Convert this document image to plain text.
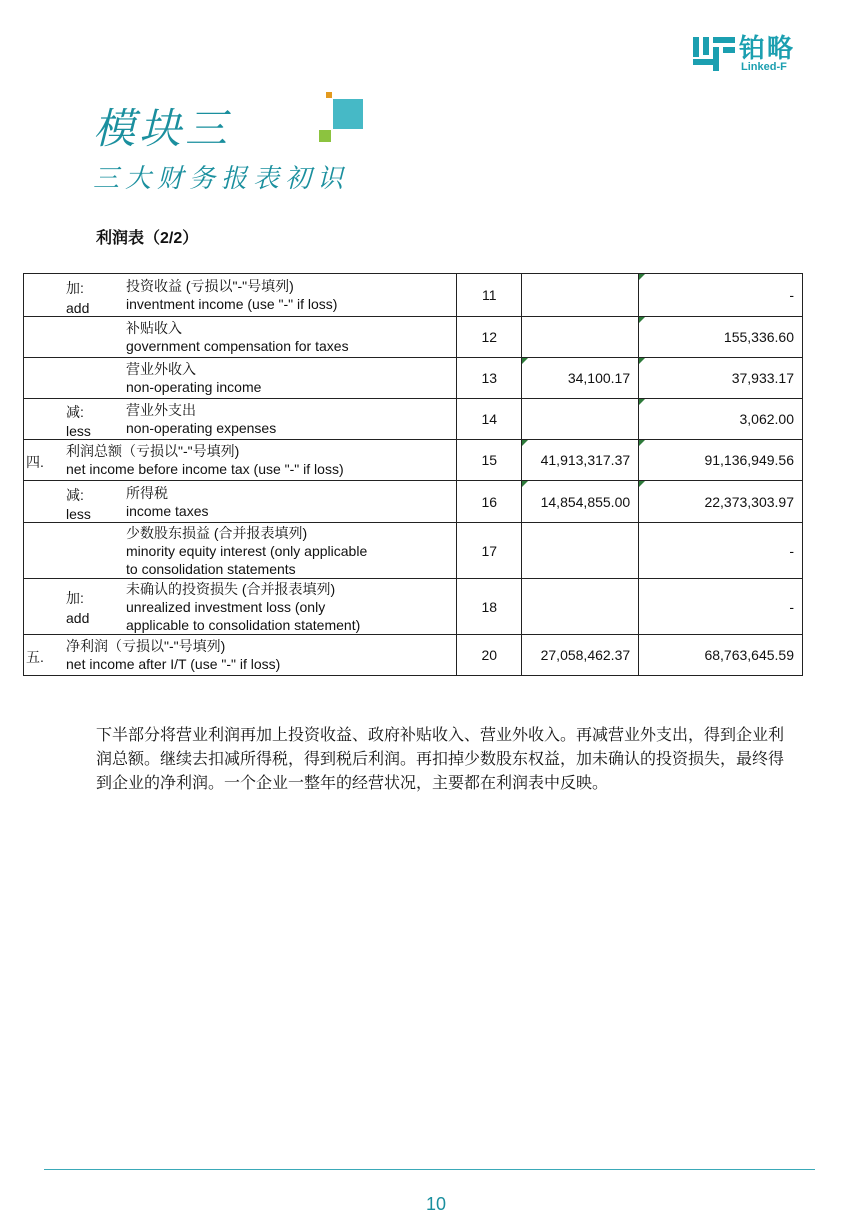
铂略
Linked-F
模块三
三大财务报表初识
利润表（2/2）
加:
add
投资收益 (亏损以"-"号填列)
inventment income (use "-" if loss)	11		-

补贴收入
government compensation for taxes	12		155,336.60

营业外收入
non-operating income	13	34,100.17	37,933.17

减:
less
营业外支出
non-operating expenses	14		3,062.00

四.
利润总额（亏损以"-"号填列)
net income before income tax (use "-" if loss)	15	41,913,317.37	91,136,949.56

减:
less
所得税
income taxes	16	14,854,855.00	22,373,303.97

少数股东损益 (合并报表填列)
minority equity interest (only applicable
to consolidation statements	17		-

加:
add
未确认的投资损失 (合并报表填列)
unrealized investment loss (only
applicable to consolidation statement)	18		-

五.
净利润（亏损以"-"号填列)
net income after I/T (use "-" if loss)	20	27,058,462.37	68,763,645.59
下半部分将营业利润再加上投资收益、政府补贴收入、营业外收入。再减营业外支出，得到企业利润总额。继续去扣减所得税，得到税后利润。再扣掉少数股东权益，加未确认的投资损失，最终得到企业的净利润。一个企业一整年的经营状况，主要都在利润表中反映。
10
